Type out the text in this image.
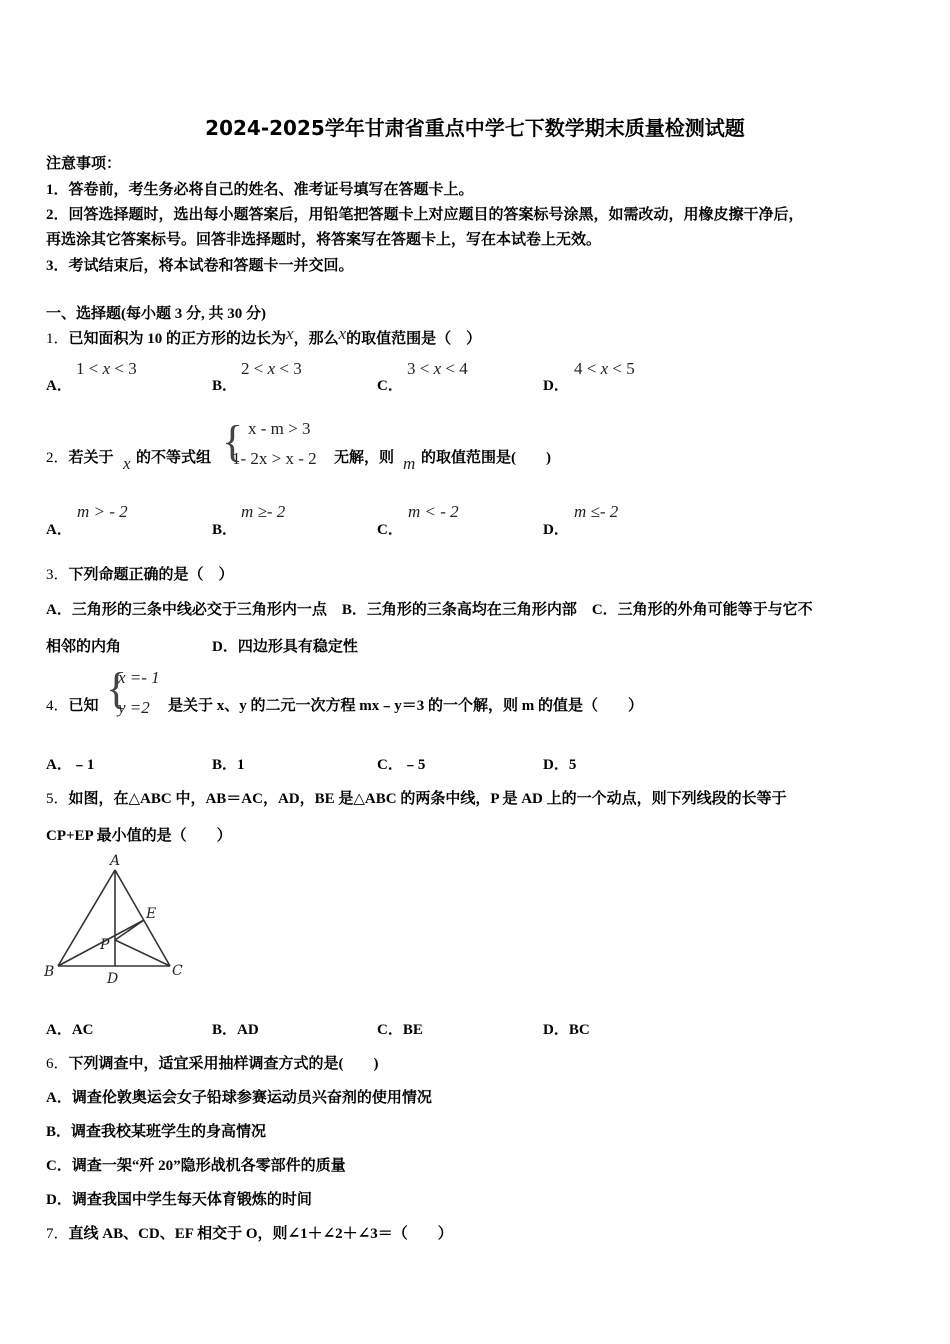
2024-2025学年甘肃省重点中学七下数学期末质量检测试题
注意事项：
1．答卷前，考生务必将自己的姓名、准考证号填写在答题卡上。
2．回答选择题时，选出每小题答案后，用铅笔把答题卡上对应题目的答案标号涂黑，如需改动，用橡皮擦干净后，
再选涂其它答案标号。回答非选择题时，将答案写在答题卡上，写在本试卷上无效。
3．考试结束后，将本试卷和答题卡一并交回。
一、选择题(每小题 3 分, 共 30 分)
1．已知面积为 10 的正方形的边长为x，那么x的取值范围是（　）
A．
1 < x < 3
B．
2 < x < 3
C．
3 < x < 4
D．
4 < x < 5
2．若关于 x 的不等式组 { x - m > 3
1- 2x > x - 2 无解，则 m 的取值范围是(　　)
A．
m > - 2
B．
m ≥- 2
C．
m < - 2
D．
m ≤- 2
3．下列命题正确的是（　）
A．三角形的三条中线必交于三角形内一点　B．三角形的三条高均在三角形内部　C．三角形的外角可能等于与它不
相邻的内角	D．四边形具有稳定性
4．已知 {
x =- 1
y =2 是关于 x、y 的二元一次方程 mx﹣y＝3 的一个解，则 m 的值是（　　）
A．﹣1	B．1	C．﹣5	D．5
5．如图，在△ABC 中，AB＝AC，AD，BE 是△ABC 的两条中线，P 是 AD 上的一个动点，则下列线段的长等于
CP+EP 最小值的是（　　）
A
B	C
D
E
P
A．AC	B．AD	C．BE	D．BC
6．下列调查中，适宜采用抽样调查方式的是(　　)
A．调查伦敦奥运会女子铅球参赛运动员兴奋剂的使用情况
B．调查我校某班学生的身高情况
C．调查一架“歼 20”隐形战机各零部件的质量
D．调查我国中学生每天体育锻炼的时间
7．直线 AB、CD、EF 相交于 O，则∠1＋∠2＋∠3＝（　　）
